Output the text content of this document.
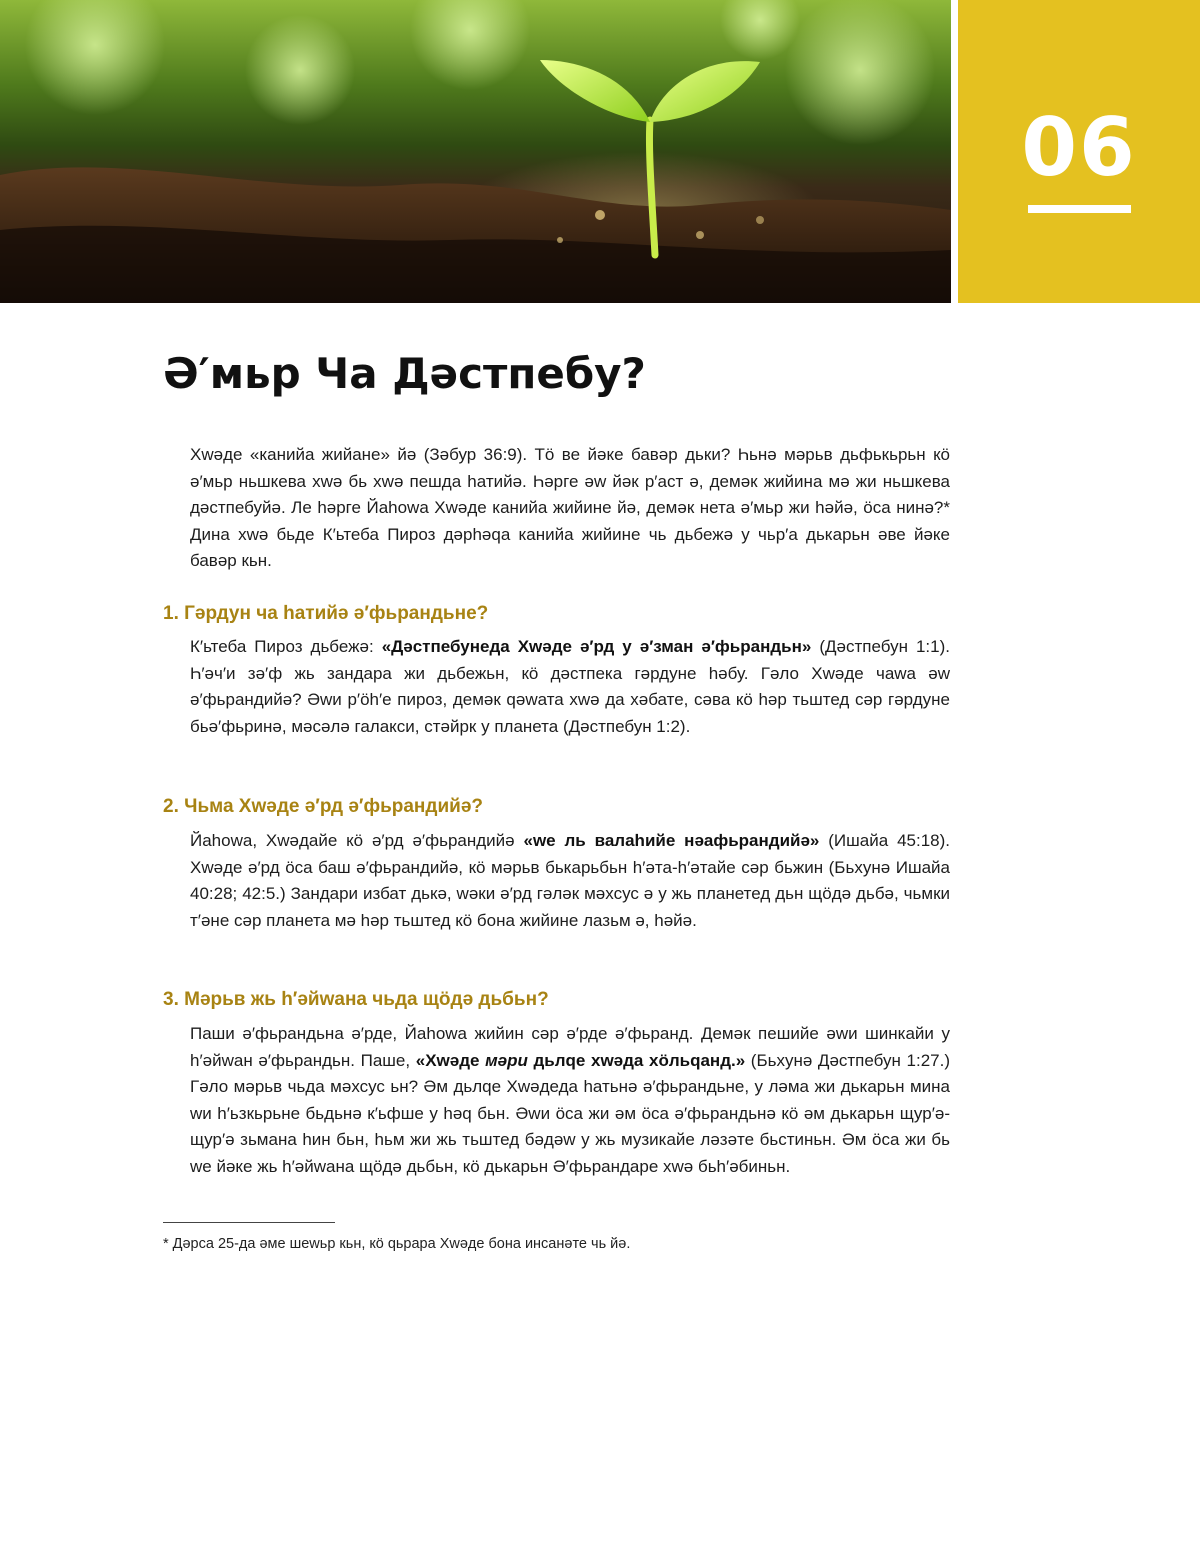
06
Ә′мьр Ча Дәстпебу?

Хwәде «канийа жийане» йә (Зәбур 36:9). Тӧ ве йәке бавәр дьки? Һьнә мәрьв дьфькьрьн кӧ ә′мьр ньшкева хwә бь хwә пешда һатийә. Һәрге әw йәк р′аст ә, демәк жийина мә жи ньшкева дәстпебуйә. Ле һәрге Йаһоwа Хwәде канийа жийине йә, демәк нета ә′мьр жи һәйә, ӧса нинә?* Дина хwә бьде К′ьтеба Пироз дәрһәqа канийа жийине чь дьбежә у чьр′а дькарьн әве йәке бавәр кьн.

1. Гәрдун ча һатийә ә′фьрандьне?

К′ьтеба Пироз дьбежә: «Дәстпебунеда Хwәде ә′рд у ә′зман ә′фьрандьн» (Дәстпебун 1:1). Һ′әч′и зә′ф жь зандара жи дьбежьн, кӧ дәстпека гәрдуне һәбу. Гәло Хwәде чаwа әw ә′фьрандийә? Әwи р′ӧһ′е пироз, демәк qәwата хwә да хәбате, сәва кӧ һәр тьштед сәр гәрдуне бьә′фьринә, мәсәлә галакси, стәйрк у планета (Дәстпебун 1:2).

2. Чьма Хwәде ә′рд ә′фьрандийә?

Йаһоwа, Хwәдайе кӧ ә′рд ә′фьрандийә «wе ль валаһийе нәафьрандийә» (Ишайа 45:18). Хwәде ә′рд ӧса баш ә′фьрандийә, кӧ мәрьв бькарьбьн һ′әта-һ′әтайе сәр бьжин (Бьхунә Ишайа 40:28; 42:5.) Зандари избат дькә, wәки ә′рд гәләк мәхсус ә у жь планетед дьн щӧдә дьбә, чьмки т′әне сәр планета мә һәр тьштед кӧ бона жийине лазьм ә, һәйә.

3. Мәрьв жь һ′әйwана чьда щӧдә дьбьн?

Паши ә′фьрандьна ә′рде, Йаһоwа жийин сәр ә′рде ә′фьранд. Демәк пешийе әwи шинкайи у һ′әйwан ә′фьрандьн. Паше, «Хwәде мәри дьлqе хwәда хӧльqанд.» (Бьхунә Дәстпебун 1:27.) Гәло мәрьв чьда мәхсус ьн? Әм дьлqе Хwәдеда һатьнә ә′фьрандьне, у ләма жи дькарьн мина wи һ′ьзкьрьне бьдьнә к′ьфше у һәq бьн. Әwи ӧса жи әм ӧса ә′фьрандьнә кӧ әм дькарьн щур′ә-щур′ә зьмана һин бьн, һьм жи жь тьштед бәдәw у жь музикайе ләзәте бьстиньн. Әм ӧса жи бь wе йәке жь һ′әйwана щӧдә дьбьн, кӧ дькарьн Ә′фьрандаре хwә бьһ′әбиньн.

* Дәрса 25-да әме шеwьр кьн, кӧ qьрара Хwәде бона инсанәте чь йә.
